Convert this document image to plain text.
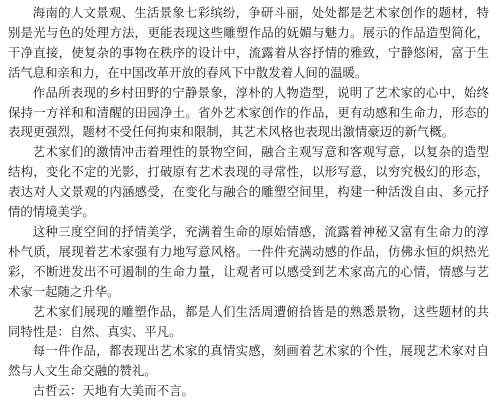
海南的人文景观、生活景象七彩缤纷，争研斗丽，处处都是艺术家创作的题材，特别是光与色的处理方法，更能表现这些雕塑作品的妩媚与魅力。展示的作品造型简化，干净直接，使复杂的事物在秩序的设计中，流露着从容抒情的雅致，宁静悠闲，富于生活气息和亲和力，在中国改革开放的春风下中散发着人间的温暖。

作品所表现的乡村田野的宁静景象，淳朴的人物造型，说明了艺术家的心中，始终保持一方祥和和清醒的田园净土。省外艺术家创作的作品，更有动感和生命力，形态的表现更强烈，题材不受任何拘束和限制，其艺术风格也表现出激情豪迈的新气概。

艺术家们的激情冲击着理性的景物空间，融合主观写意和客观写意，以复杂的造型结构，变化不定的光影，打破原有艺术表现的寻常性，以形写意，以穷究极幻的形态，表达对人文景观的内涵感受，在变化与融合的雕塑空间里，构建一种活泼自由、多元抒情的情境美学。

这种三度空间的抒情美学，充满着生命的原始情感，流露着神秘又富有生命力的淳朴气质，展现着艺术家强有力地写意风格。一件件充满动感的作品，仿佛永恒的炽热光彩，不断进发出不可遏制的生命力量，让观者可以感受到艺术家高亢的心情，情感与艺术家一起随之升华。

艺术家们展现的雕塑作品，都是人们生活周遭俯拾皆是的熟悉景物，这些题材的共同特性是：自然、真实、平凡。

每一件作品，都表现出艺术家的真情实感，刻画着艺术家的个性，展现艺术家对自然与人文生命交融的赞礼。

古哲云：天地有大美而不言。
